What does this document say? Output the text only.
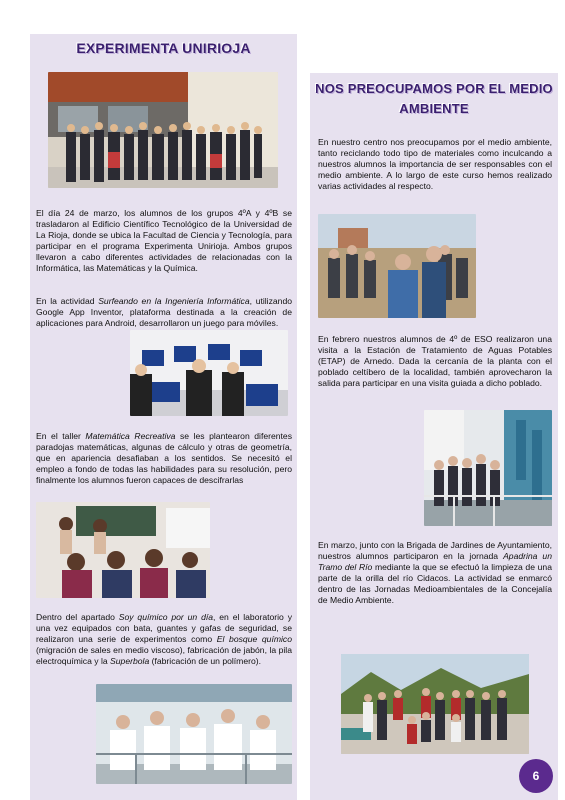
EXPERIMENTA UNIRIOJA

El día 24 de marzo, los alumnos de los grupos 4ºA y 4ºB se trasladaron al Edificio Científico Tecnológico de la Universidad de La Rioja, donde se ubica la Facultad de Ciencia y Tecnología, para participar en el programa Experimenta Unirioja. Ambos grupos llevaron a cabo diferentes actividades de relacionadas con la Informática, las Matemáticas y la Química.

En la actividad Surfeando en la Ingeniería Informática, utilizando Google App Inventor, plataforma destinada a la creación de aplicaciones para Android, desarrollaron un juego para móviles.

En el taller Matemática Recreativa se les plantearon diferentes paradojas matemáticas, algunas de cálculo y otras de geometría, que en apariencia desafiaban a los sentidos. Se necesitó el empleo a fondo de todas las habilidades para su resolución, pero finalmente los alumnos fueron capaces de descifrarlas

Dentro del apartado Soy químico por un día, en el laboratorio y una vez equipados con bata, guantes y gafas de seguridad, se realizaron una serie de experimentos como El bosque químico (migración de sales en medio viscoso), fabricación de jabón, la pila electroquímica y la Superbola (fabricación de un polímero).

NOS PREOCUPAMOS POR EL MEDIO AMBIENTE

En nuestro centro nos preocupamos por el medio ambiente, tanto reciclando todo tipo de materiales como inculcando a nuestros alumnos la importancia de ser responsables con el medio ambiente. A lo largo de este curso hemos realizado varias actividades al respecto.

En febrero nuestros alumnos de 4º de ESO realizaron una visita a la Estación de Tratamiento de Aguas Potables (ETAP) de Arnedo. Dada la cercanía de la planta con el poblado celtíbero de la localidad, también aprovecharon la salida para participar en una visita guiada a dicho poblado.

En marzo, junto con la Brigada de Jardines de Ayuntamiento, nuestros alumnos participaron en la jornada Apadrina un Tramo del Río mediante la que se efectuó la limpieza de una parte de la orilla del río Cidacos. La actividad se enmarcó dentro de las Jornadas Medioambientales de la Concejalía de Medio Ambiente.

6
